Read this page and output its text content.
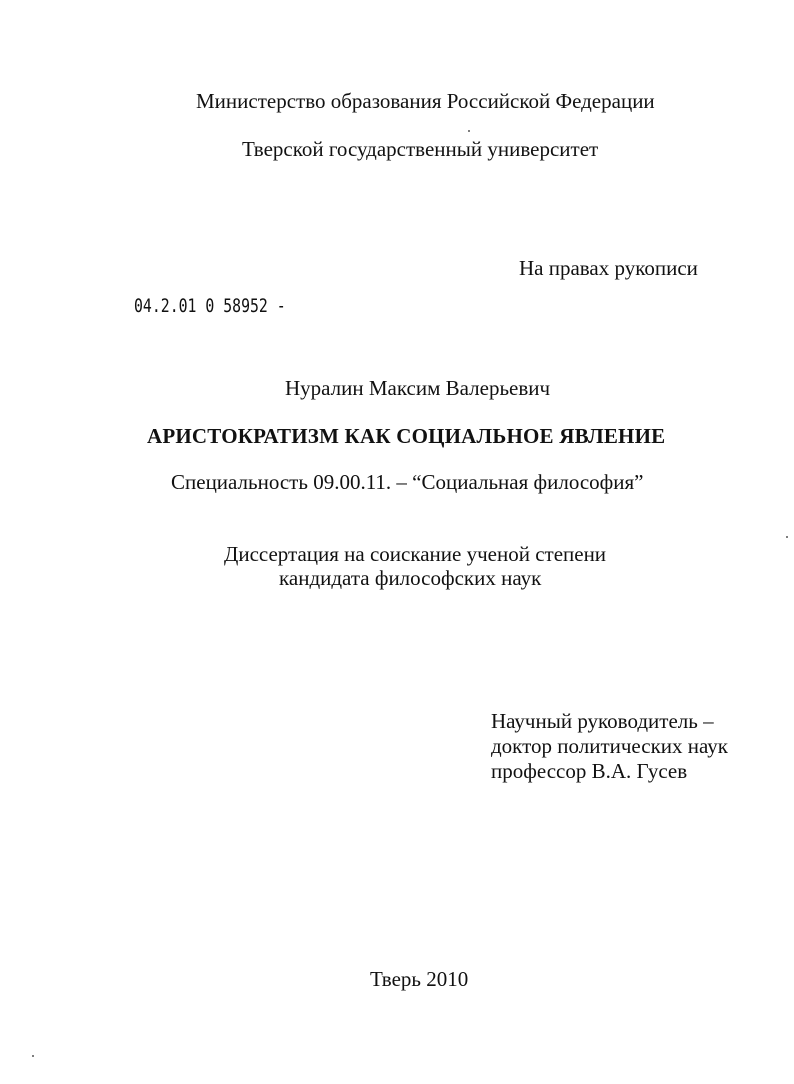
Министерство образования Российской Федерации
Тверской государственный университет
На правах рукописи
04.2.01 0 58952 -
Нуралин Максим Валерьевич
АРИСТОКРАТИЗМ КАК СОЦИАЛЬНОЕ ЯВЛЕНИЕ
Специальность 09.00.11. – “Социальная философия”
Диссертация на соискание ученой степени
кандидата философских наук
Научный руководитель –
доктор политических наук
профессор В.А. Гусев
Тверь 2010
